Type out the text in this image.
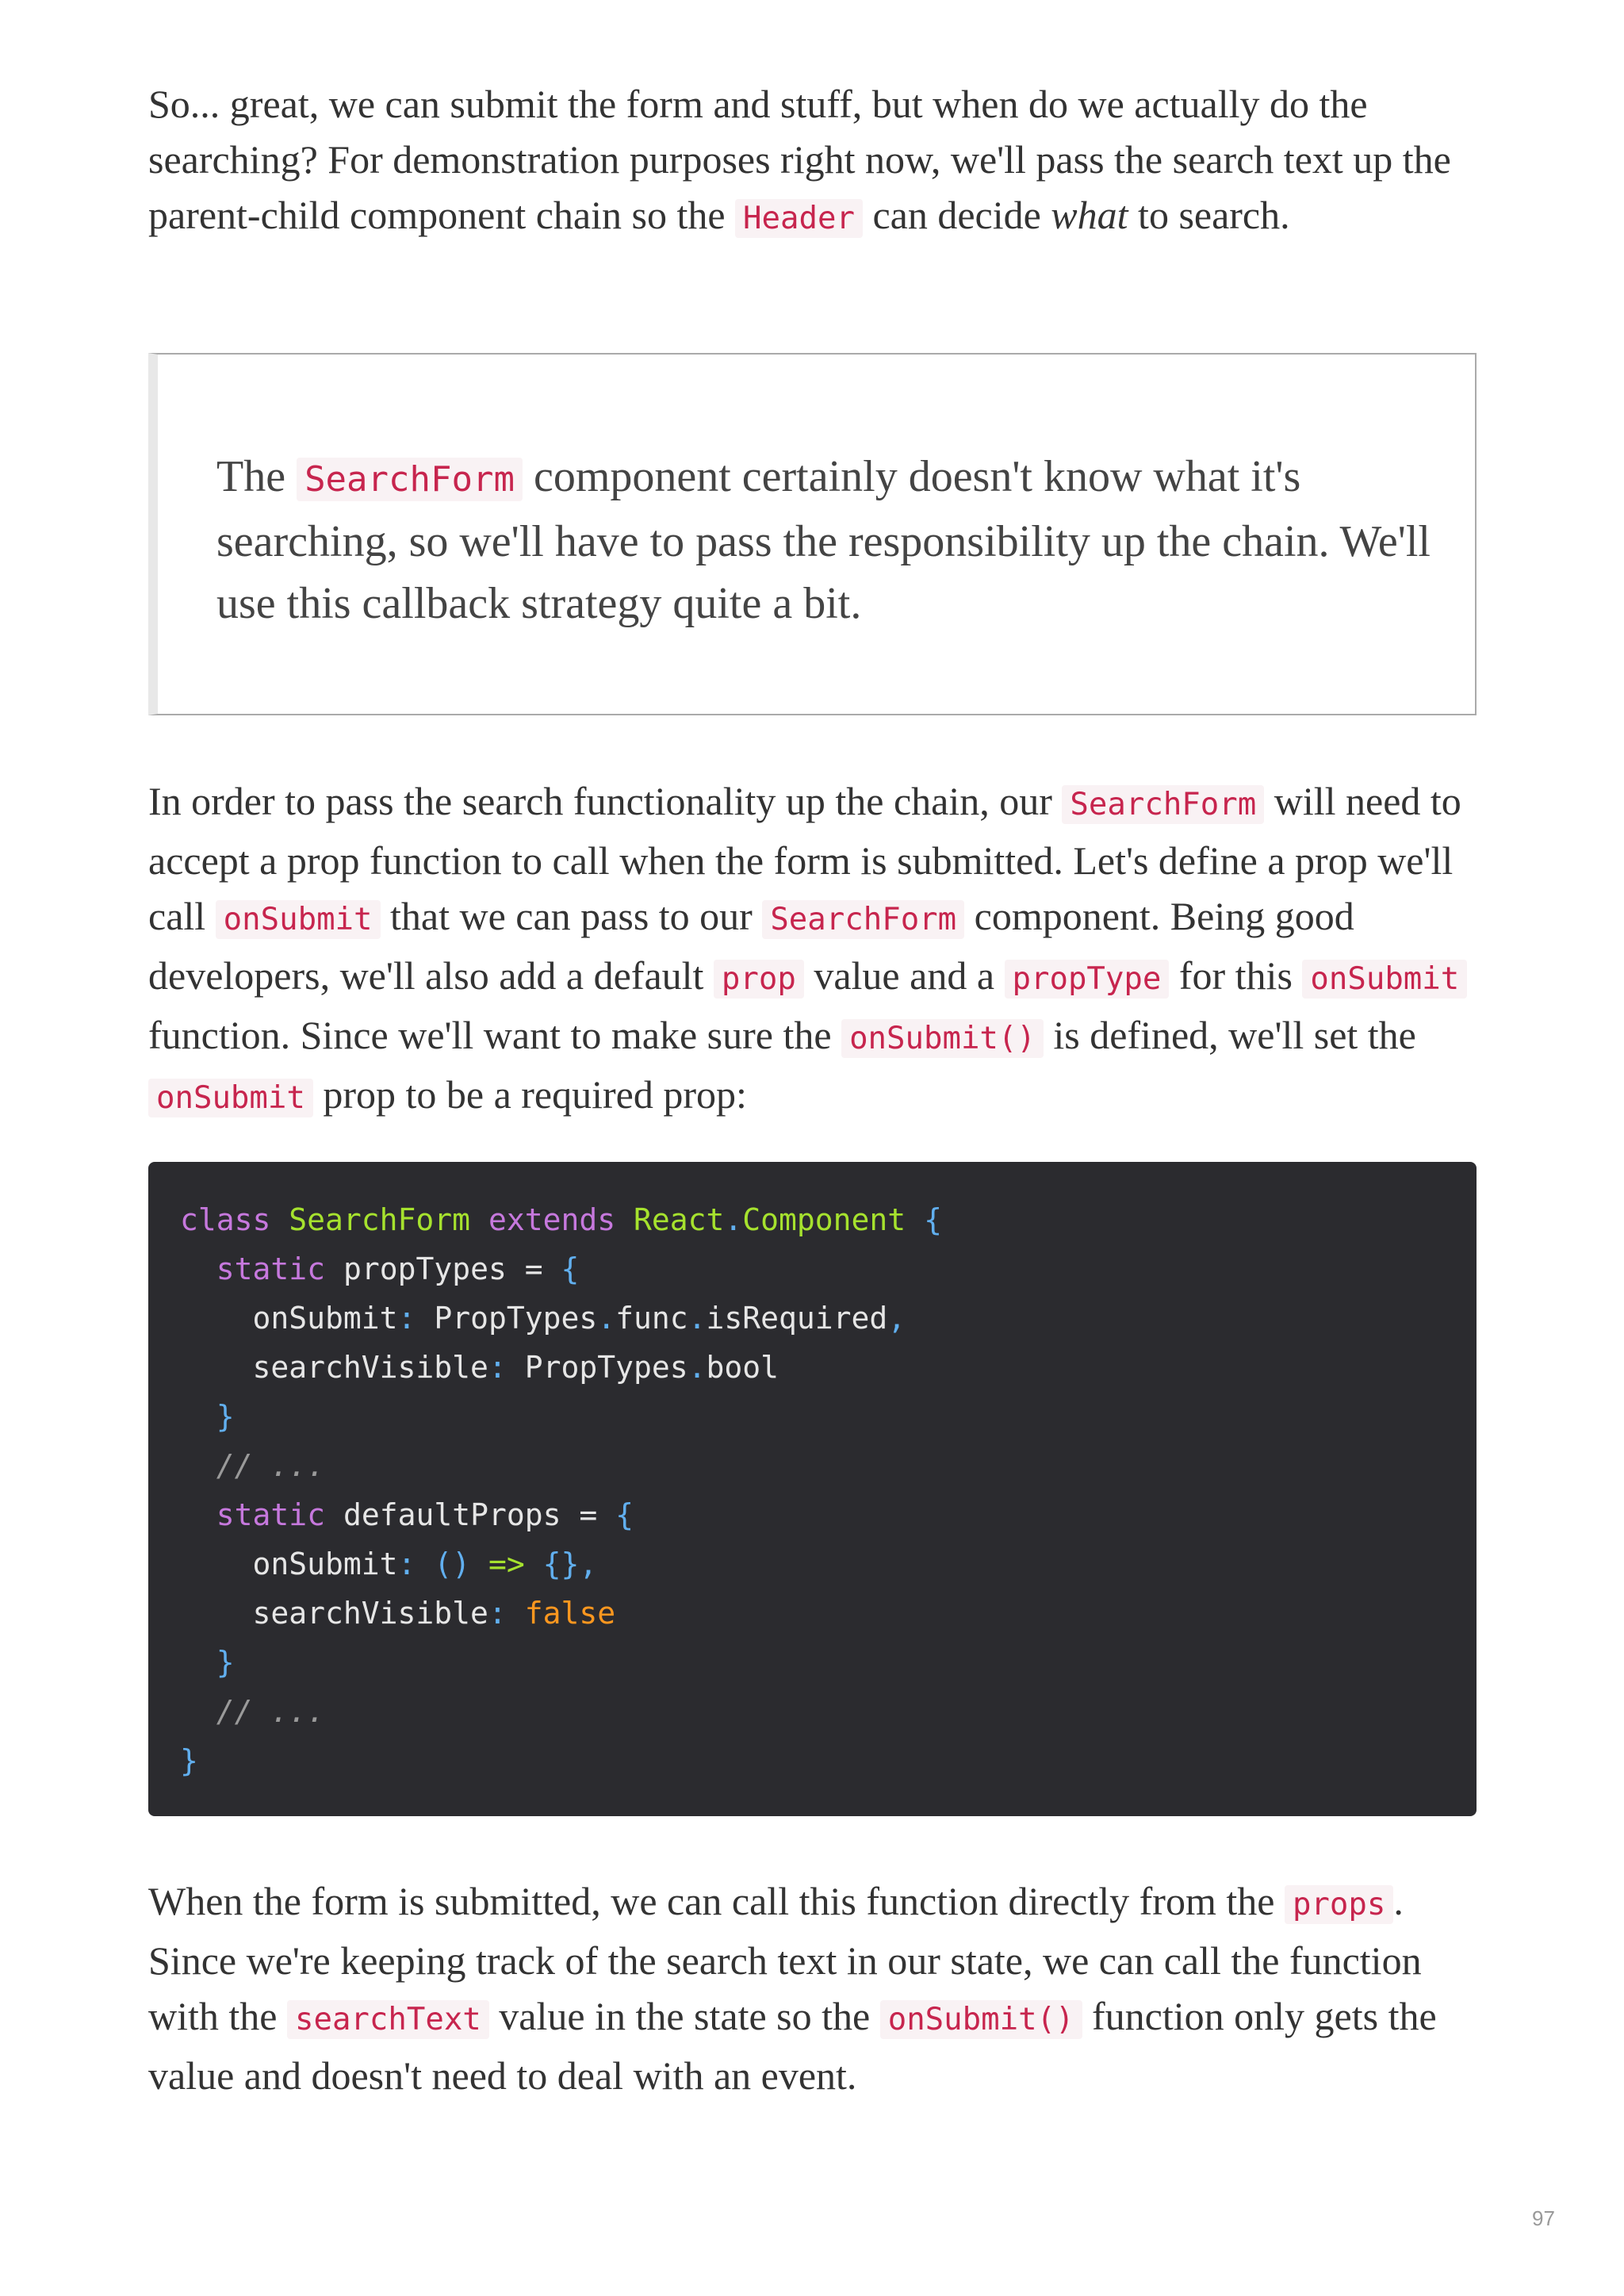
So... great, we can submit the form and stuff, but when do we actually do the searching? For demonstration purposes right now, we'll pass the search text up the parent-child component chain so the Header can decide what to search.

The SearchForm component certainly doesn't know what it's searching, so we'll have to pass the responsibility up the chain. We'll use this callback strategy quite a bit.

In order to pass the search functionality up the chain, our SearchForm will need to accept a prop function to call when the form is submitted. Let's define a prop we'll call onSubmit that we can pass to our SearchForm component. Being good developers, we'll also add a default prop value and a propType for this onSubmit function. Since we'll want to make sure the onSubmit() is defined, we'll set the onSubmit prop to be a required prop:

class SearchForm extends React.Component {
static propTypes = {
onSubmit: PropTypes.func.isRequired,
searchVisible: PropTypes.bool
}
// ...
static defaultProps = {
onSubmit: () => {},
searchVisible: false
}
// ...
}

When the form is submitted, we can call this function directly from the props . Since we're keeping track of the search text in our state, we can call the function with the searchText value in the state so the onSubmit() function only gets the value and doesn't need to deal with an event.

97
